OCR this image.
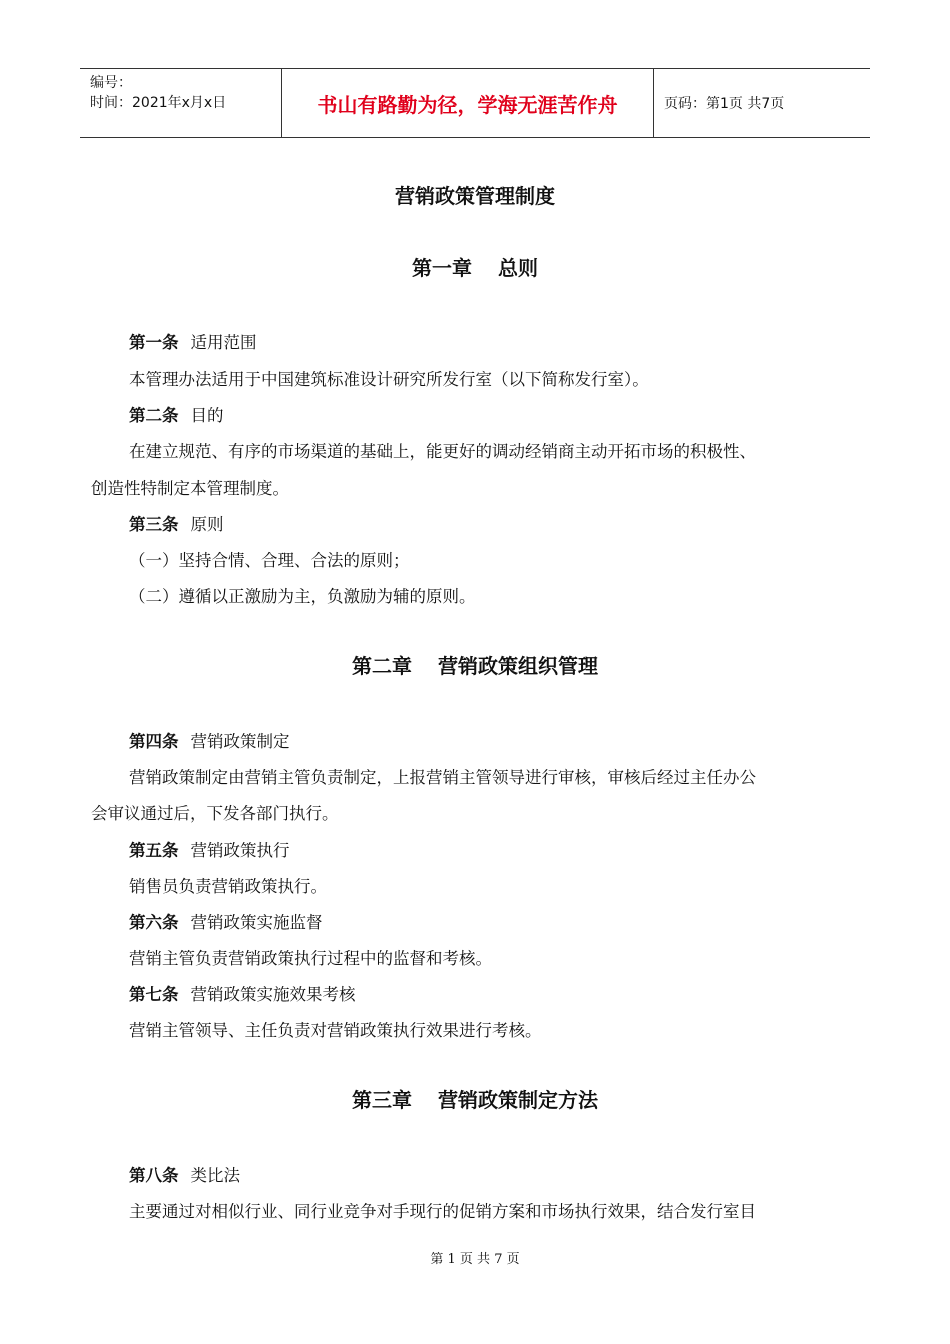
编号：
时间：2021年x月x日	书山有路勤为径，学海无涯苦作舟	页码：第1页 共7页
营销政策管理制度
第一章 总则
第一条 适用范围
本管理办法适用于中国建筑标准设计研究所发行室（以下简称发行室）。
第二条 目的
在建立规范、有序的市场渠道的基础上，能更好的调动经销商主动开拓市场的积极性、
创造性特制定本管理制度。
第三条 原则
（一）坚持合情、合理、合法的原则；
（二）遵循以正激励为主，负激励为辅的原则。
第二章 营销政策组织管理
第四条 营销政策制定
营销政策制定由营销主管负责制定，上报营销主管领导进行审核，审核后经过主任办公
会审议通过后，下发各部门执行。
第五条 营销政策执行
销售员负责营销政策执行。
第六条 营销政策实施监督
营销主管负责营销政策执行过程中的监督和考核。
第七条 营销政策实施效果考核
营销主管领导、主任负责对营销政策执行效果进行考核。
第三章 营销政策制定方法
第八条 类比法
主要通过对相似行业、同行业竞争对手现行的促销方案和市场执行效果，结合发行室目
第 1 页 共 7 页
